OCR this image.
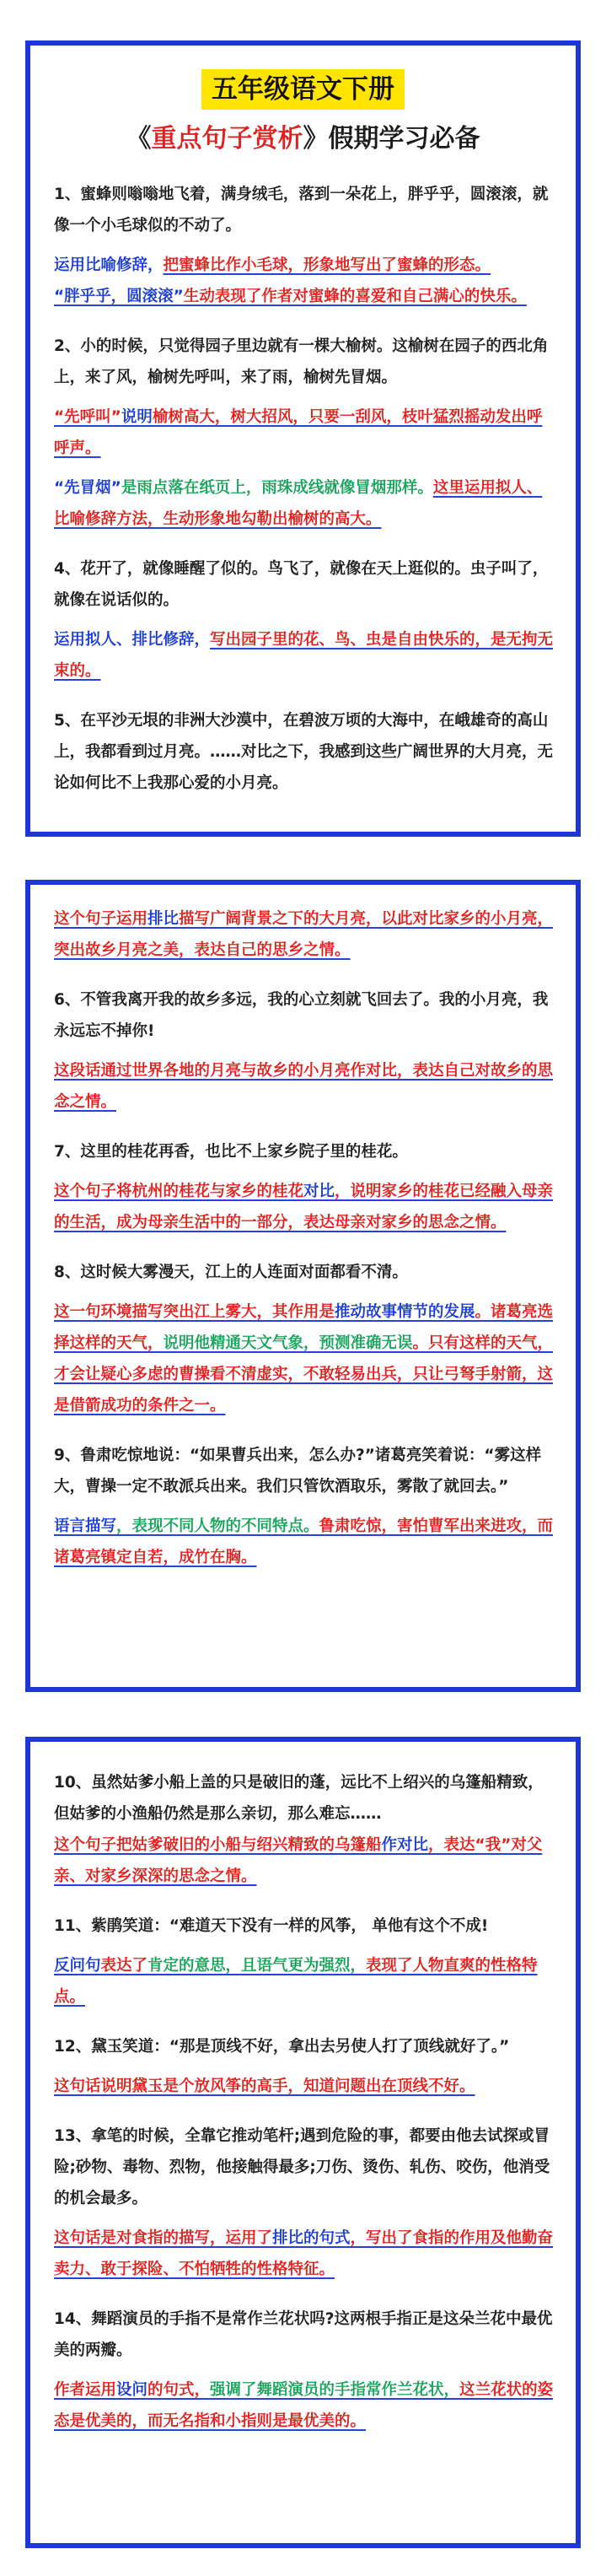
五年级语文下册
《重点句子赏析》假期学习必备

1、蜜蜂则嗡嗡地飞着，满身绒毛，落到一朵花上，胖乎乎，圆滚滚，就像一个小毛球似的不动了。

运用比喻修辞，把蜜蜂比作小毛球，形象地写出了蜜蜂的形态。

“胖乎乎，圆滚滚”生动表现了作者对蜜蜂的喜爱和自己满心的快乐。

2、小的时候，只觉得园子里边就有一棵大榆树。这榆树在园子的西北角上，来了风，榆树先呼叫，来了雨，榆树先冒烟。

“先呼叫”说明榆树高大，树大招风，只要一刮风，枝叶猛烈摇动发出呼呼声。

“先冒烟”是雨点落在纸页上，雨珠成线就像冒烟那样。这里运用拟人、比喻修辞方法，生动形象地勾勒出榆树的高大。

4、花开了，就像睡醒了似的。鸟飞了，就像在天上逛似的。虫子叫了，就像在说话似的。

运用拟人、排比修辞，写出园子里的花、鸟、虫是自由快乐的，是无拘无束的。

5、在平沙无垠的非洲大沙漠中，在碧波万顷的大海中，在峨雄奇的高山上，我都看到过月亮。……对比之下，我感到这些广阔世界的大月亮，无论如何比不上我那心爱的小月亮。

这个句子运用排比描写广阔背景之下的大月亮，以此对比家乡的小月亮，突出故乡月亮之美，表达自己的思乡之情。

6、不管我离开我的故乡多远，我的心立刻就飞回去了。我的小月亮，我永远忘不掉你!

这段话通过世界各地的月亮与故乡的小月亮作对比，表达自己对故乡的思念之情。

7、这里的桂花再香，也比不上家乡院子里的桂花。

这个句子将杭州的桂花与家乡的桂花对比，说明家乡的桂花已经融入母亲的生活，成为母亲生活中的一部分，表达母亲对家乡的思念之情。

8、这时候大雾漫天，江上的人连面对面都看不清。

这一句环境描写突出江上雾大，其作用是推动故事情节的发展。诸葛亮选择这样的天气，说明他精通天文气象，预测准确无误。只有这样的天气，才会让疑心多虑的曹操看不清虚实，不敢轻易出兵，只让弓弩手射箭，这是借箭成功的条件之一。

9、鲁肃吃惊地说：“如果曹兵出来，怎么办?”诸葛亮笑着说：“雾这样大，曹操一定不敢派兵出来。我们只管饮酒取乐，雾散了就回去。”

语言描写，表现不同人物的不同特点。鲁肃吃惊，害怕曹军出来进攻，而诸葛亮镇定自若，成竹在胸。

10、虽然姑爹小船上盖的只是破旧的蓬，远比不上绍兴的乌篷船精致，但姑爹的小渔船仍然是那么亲切，那么难忘……

这个句子把姑爹破旧的小船与绍兴精致的乌篷船作对比，表达“我”对父亲、对家乡深深的思念之情。

11、紫鹃笑道：“难道天下没有一样的风筝， 单他有这个不成!

反问句表达了肯定的意思，且语气更为强烈，表现了人物直爽的性格特点。

12、黛玉笑道：“那是顶线不好，拿出去另使人打了顶线就好了。”

这句话说明黛玉是个放风筝的高手，知道问题出在顶线不好。

13、拿笔的时候，全靠它推动笔杆;遇到危险的事，都要由他去试探或冒险;砂物、毒物、烈物，他接触得最多;刀伤、烫伤、轧伤、咬伤，他消受的机会最多。

这句话是对食指的描写，运用了排比的句式，写出了食指的作用及他勤奋卖力、敢于探险、不怕牺牲的性格特征。

14、舞蹈演员的手指不是常作兰花状吗?这两根手指正是这朵兰花中最优美的两瓣。

作者运用设问的句式，强调了舞蹈演员的手指常作兰花状，这兰花状的姿态是优美的，而无名指和小指则是最优美的。
